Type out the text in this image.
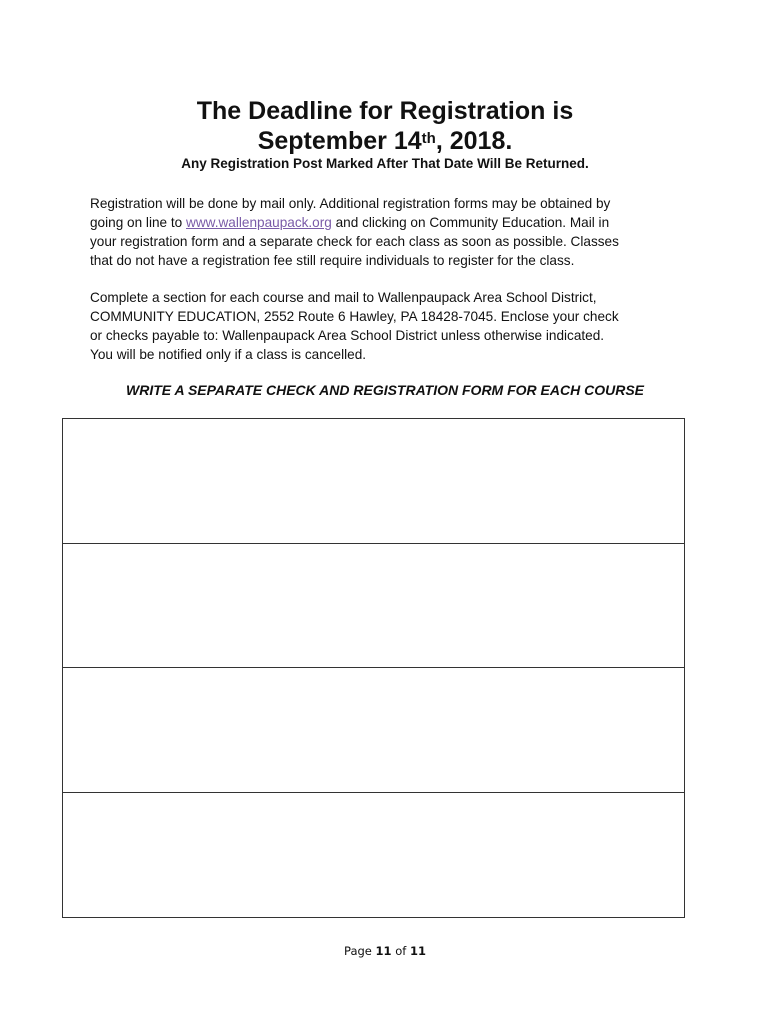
The Deadline for Registration is
September 14th, 2018.
Any Registration Post Marked After That Date Will Be Returned.
Registration will be done by mail only. Additional registration forms may be obtained by
going on line to www.wallenpaupack.org and clicking on Community Education. Mail in
your registration form and a separate check for each class as soon as possible. Classes
that do not have a registration fee still require individuals to register for the class.
Complete a section for each course and mail to Wallenpaupack Area School District,
COMMUNITY EDUCATION, 2552 Route 6 Hawley, PA 18428-7045. Enclose your check
or checks payable to: Wallenpaupack Area School District unless otherwise indicated.
You will be notified only if a class is cancelled.
WRITE A SEPARATE CHECK AND REGISTRATION FORM FOR EACH COURSE
Page 11 of 11
